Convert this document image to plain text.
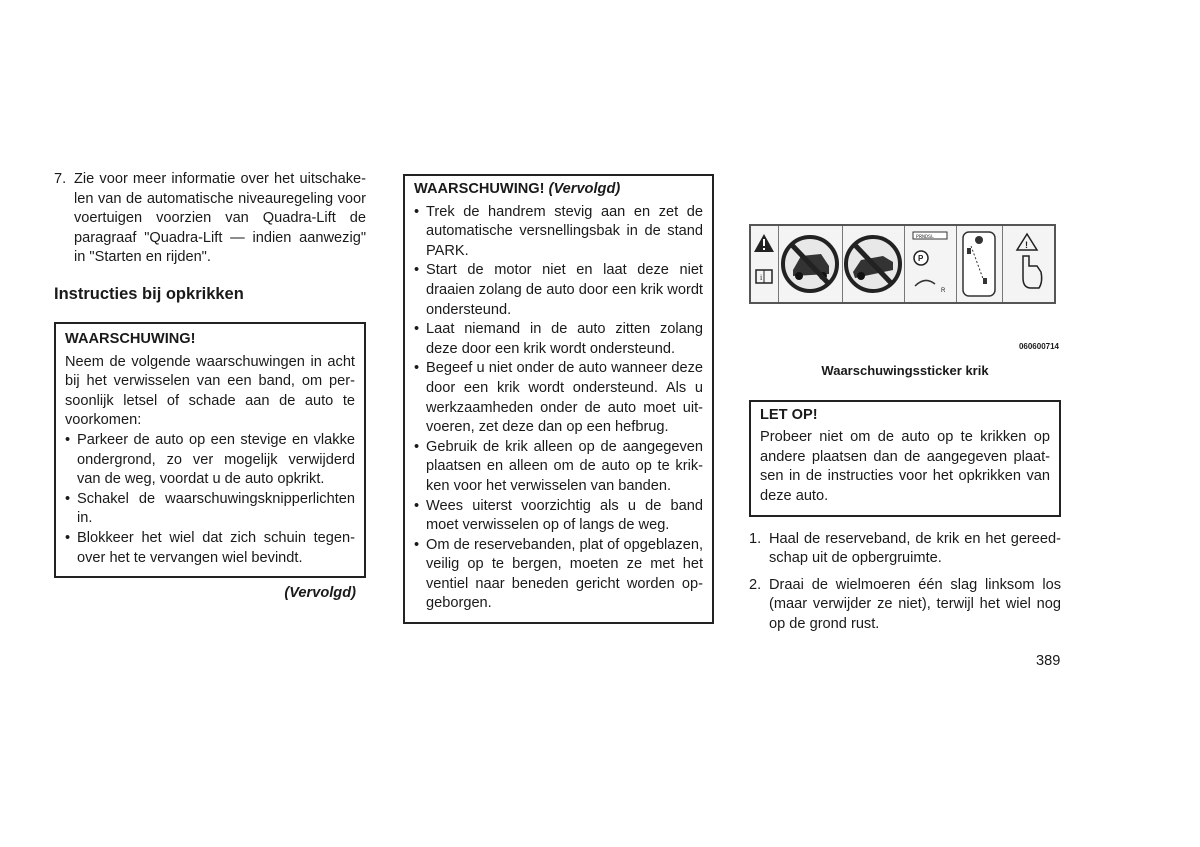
7. Zie voor meer informatie over het uitschake-len van de automatische niveauregeling voor voertuigen voorzien van Quadra-Lift de paragraaf "Quadra-Lift — indien aanwezig" in "Starten en rijden".
Instructies bij opkrikken

WAARSCHUWING!

Neem de volgende waarschuwingen in acht bij het verwisselen van een band, om per-soonlijk letsel of schade aan de auto te voorkomen:

• Parkeer de auto op een stevige en vlakke ondergrond, zo ver mogelijk verwijderd van de weg, voordat u de auto opkrikt.
• Schakel de waarschuwingsknipperlichten in.
• Blokkeer het wiel dat zich schuin tegen-over het te vervangen wiel bevindt.
(Vervolgd)

WAARSCHUWING! (Vervolgd)

• Trek de handrem stevig aan en zet de automatische versnellingsbak in de stand PARK.
• Start de motor niet en laat deze niet draaien zolang de auto door een krik wordt ondersteund.
• Laat niemand in de auto zitten zolang deze door een krik wordt ondersteund.
• Begeef u niet onder de auto wanneer deze door een krik wordt ondersteund. Als u werkzaamheden onder de auto moet uit-voeren, zet deze dan op een hefbrug.
• Gebruik de krik alleen op de aangegeven plaatsen en alleen om de auto op te krik-ken voor het verwisselen van banden.
• Wees uiterst voorzichtig als u de band moet verwisselen op of langs de weg.
• Om de reservebanden, plat of opgeblazen, veilig op te bergen, moeten ze met het ventiel naar beneden gericht worden op-geborgen.
i
PRNDSL
P
R
!
060600714
Waarschuwingssticker krik

LET OP!

Probeer niet om de auto op te krikken op andere plaatsen dan de aangegeven plaat-sen in de instructies voor het opkrikken van deze auto.

1. Haal de reserveband, de krik en het gereed-schap uit de opbergruimte.
2. Draai de wielmoeren één slag linksom los (maar verwijder ze niet), terwijl het wiel nog op de grond rust.
389
